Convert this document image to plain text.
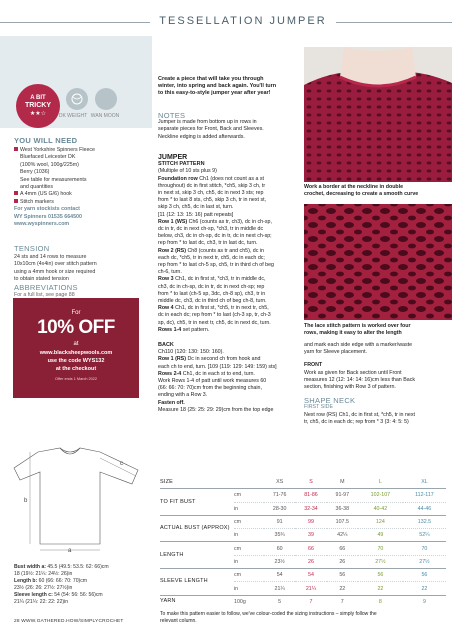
TESSELLATION JUMPER
A BIT
TRICKY
★★☆	DK WEIGHT WAN MOON
YOU WILL NEED
West Yorkshire Spinners Fleece
Bluefaced Leicester DK
(100% wool, 100g/225m)
Berry (1036)
See table for measurements
and quantities
A 4mm (US G/6) hook
Stitch markers
For yarn stockists contact
WY Spinners 01535 664500
www.wyspinners.com
TENSION
24 sts and 14 rows to measure
10x10cm (4x4in) over stitch pattern
using a 4mm hook or size required
to obtain stated tension
ABBREVIATIONS
For a full list, see page 88
For
10% OFF
at
www.blacksheepwools.com
use the code WYS132
at the checkout
Offer ends 1 March 2022
a
b
c
Bust width a: 45.5 (49.5: 53.5: 62: 66)cm
18 (19½: 21¼: 24½: 26)in
Length b: 60 (66: 66: 70: 70)cm
23½ (26: 26: 27½: 27½)in
Sleeve length c: 54 (54: 56: 56: 56)cm
21¼ (21¼: 22: 22: 22)in
Create a piece that will take you through
winter, into spring and back again. You'll turn
to this easy-to-style jumper year after year!
NOTES
Jumper is made from bottom up in rows in
separate pieces for Front, Back and Sleeves.
Neckline edging is added afterwards.
JUMPER
STITCH PATTERN
(Multiple of 10 sts plus 9)
Foundation row Ch1 (does not count as a st
throughout) dc in first stitch, *ch5, skip 3 ch, tr
in next st, skip 3 ch, ch5, dc in next 3 sts; rep
from * to last 8 sts, ch5, skip 3 ch, tr in next st,
skip 3 ch, ch5, dc in last st, turn.
[11 (12: 13: 15: 16) patt repeats]
Row 1 (WS) Ch6 (counts as tr, ch3), dc in ch-sp,
dc in tr, dc in next ch-sp, *ch3, tr in middle dc
below, ch3, dc in ch-sp, dc in tr, dc in next ch-sp;
rep from * to last dc, ch3, tr in last dc, turn.
Row 2 (RS) Ch8 (counts as tr and ch5), dc in
each dc, *ch5, tr in next tr, ch5, dc in each dc;
rep from * to last ch-5 sp, ch5, tr in third ch of beg
ch-6, turn.
Row 3 Ch1, dc in first st, *ch3, tr in middle dc,
ch3, dc in ch-sp, dc in tr, dc in next ch-sp; rep
from * to last (ch-5 sp, 3dc, ch-8 sp), ch3, tr in
middle dc, ch3, dc in third ch of beg ch-8, turn.
Row 4 Ch1, dc in first st, *ch5, tr in next tr, ch5,
dc in each dc; rep from * to last (ch-3 sp, tr, ch-3
sp, dc), ch5, tr in next tr, ch5, dc in next dc, turn.
Rows 1-4 set pattern.
BACK
Ch110 (120: 130: 150: 160).
Row 1 (RS) Dc in second ch from hook and
each ch to end, turn. [109 (119: 129: 149: 159) sts]
Rows 2-4 Ch1, dc in each st to end, turn.
Work Rows 1-4 of patt until work measures 60
(66: 66: 70: 70)cm from the beginning chain,
ending with a Row 3.
Fasten off.
Measure 18 (25: 25: 29: 29)cm from the top edge
Work a border at the neckline in double
crochet, decreasing to create a smooth curve
The lace stitch pattern is worked over four
rows, making it easy to alter the length
and mark each side edge with a marker/waste
yarn for Sleeve placement.
FRONT
Work as given for Back section until Front
measures 12 (12: 14: 14: 16)cm less than Back
section, finishing with Row 3 of pattern.
SHAPE NECK
FIRST SIDE
Next row (RS) Ch1, dc in first st, *ch5, tr in next
tr, ch5, dc in each dc; rep from * 3 (3: 4: 5: 5)
SIZE		XS	S	M	L	XL
TO FIT BUST	cm	71-76	81-86	91-97	102-107	112-117
	in	28-30	32-34	36-38	40-42	44-46
ACTUAL BUST (APPROX)	cm	91	99	107.5	124	132.5
	in	35¾	39	42¼	49	52¼
LENGTH	cm	60	66	66	70	70
	in	23½	26	26	27½	27½
SLEEVE LENGTH	cm	54	54	56	56	56
	in	21¼	21¼	22	22	22
YARN	100g	5	7	7	8	9
To make this pattern easier to follow, we've colour-coded the sizing instructions – simply follow the
relevant column.
28 WWW.GATHERED.HOW/SIMPLYCROCHET
